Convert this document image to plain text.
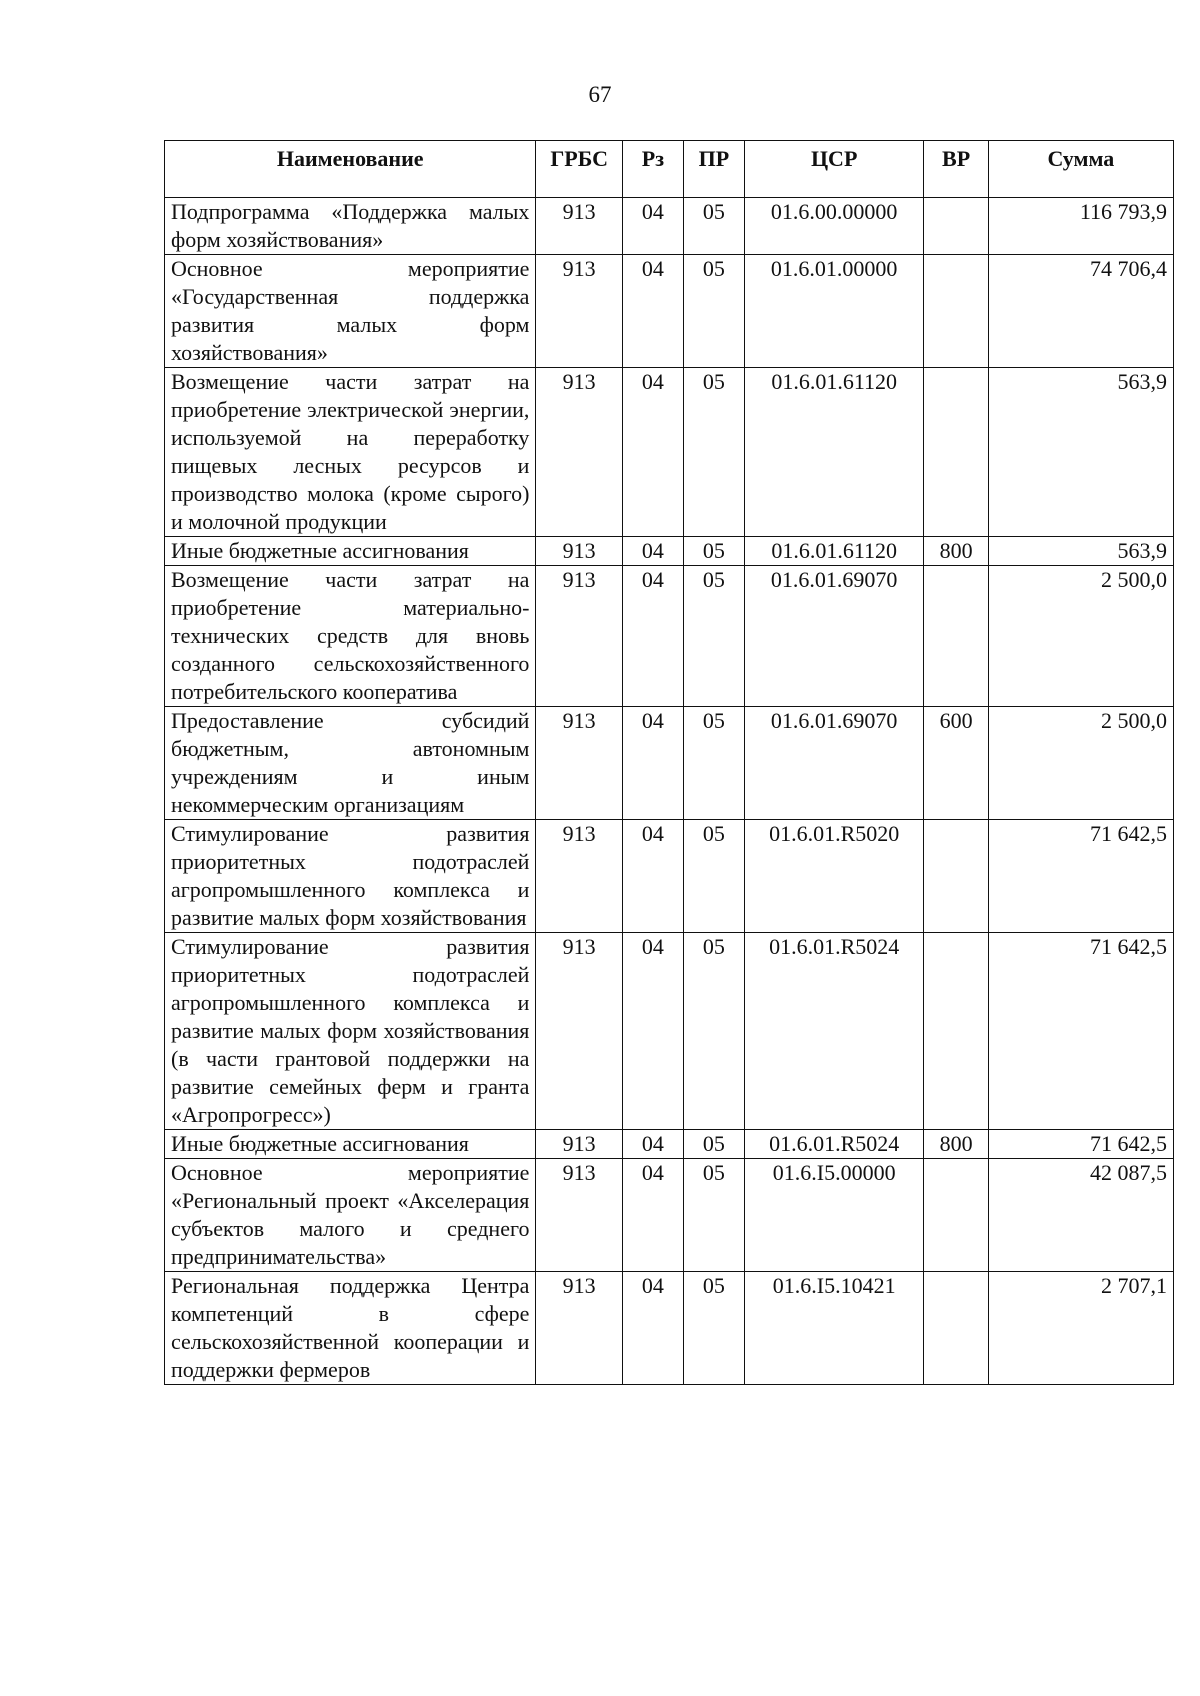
67
Наименование	ГРБС	Рз	ПР	ЦСР	ВР	Сумма
Подпрограмма «Поддержка малых форм хозяйствования»	913	04	05	01.6.00.00000		116 793,9
Основное мероприятие «Государственная поддержка развития малых форм хозяйствования»	913	04	05	01.6.01.00000		74 706,4
Возмещение части затрат на приобретение электрической энергии, используемой на переработку пищевых лесных ресурсов и производство молока (кроме сырого) и молочной продукции	913	04	05	01.6.01.61120		563,9
Иные бюджетные ассигнования	913	04	05	01.6.01.61120	800	563,9
Возмещение части затрат на приобретение материально-технических средств для вновь созданного сельскохозяйственного потребительского кооператива	913	04	05	01.6.01.69070		2 500,0
Предоставление субсидий бюджетным, автономным учреждениям и иным некоммерческим организациям	913	04	05	01.6.01.69070	600	2 500,0
Стимулирование развития приоритетных подотраслей агропромышленного комплекса и развитие малых форм хозяйствования	913	04	05	01.6.01.R5020		71 642,5
Стимулирование развития приоритетных подотраслей агропромышленного комплекса и развитие малых форм хозяйствования (в части грантовой поддержки на развитие семейных ферм и гранта «Агропрогресс»)	913	04	05	01.6.01.R5024		71 642,5
Иные бюджетные ассигнования	913	04	05	01.6.01.R5024	800	71 642,5
Основное мероприятие «Региональный проект «Акселерация субъектов малого и среднего предпринимательства»	913	04	05	01.6.I5.00000		42 087,5
Региональная поддержка Центра компетенций в сфере сельскохозяйственной кооперации и поддержки фермеров	913	04	05	01.6.I5.10421		2 707,1
